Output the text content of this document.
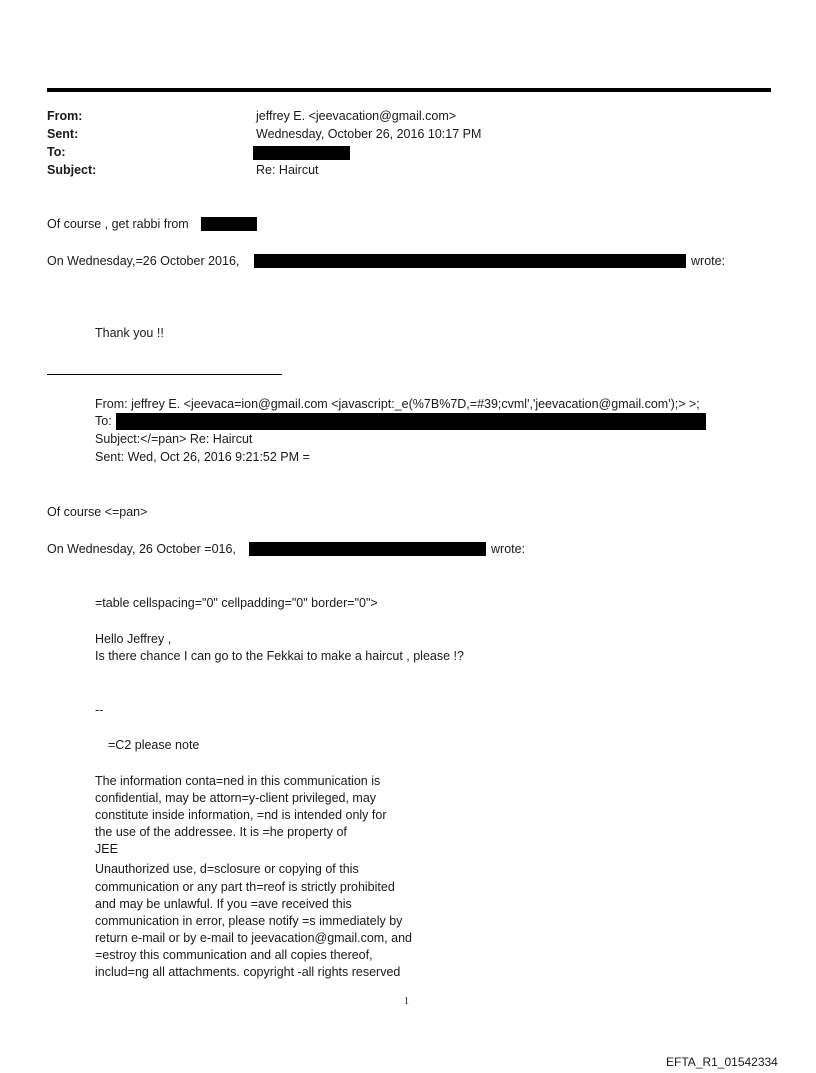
From:	jeffrey E. <jeevacation@gmail.com>
Sent:	Wednesday, October 26, 2016 10:17 PM
To:
Subject:	Re: Haircut
Of course , get rabbi from
On Wednesday,=26 October 2016,	wrote:
Thank you !!
From: jeffrey E. <jeevaca=ion@gmail.com <javascript:_e(%7B%7D,=#39;cvml','jeevacation@gmail.com');> >;
To:
Subject:</=pan> Re: Haircut
Sent: Wed, Oct 26, 2016 9:21:52 PM =
Of course <=pan>
On Wednesday, 26 October =016,	wrote:
=table cellspacing="0" cellpadding="0" border="0">
Hello Jeffrey ,
Is there chance I can go to the Fekkai to make a haircut , please !?
--
=C2 please note
The information conta=ned in this communication is
confidential, may be attorn=y-client privileged, may
constitute inside information, =nd is intended only for
the use of the addressee. It is =he property of
JEE
Unauthorized use, d=sclosure or copying of this
communication or any part th=reof is strictly prohibited
and may be unlawful. If you =ave received this
communication in error, please notify =s immediately by
return e-mail or by e-mail to jeevacation@gmail.com, and
=estroy this communication and all copies thereof,
includ=ng all attachments. copyright -all rights reserved
1
EFTA_R1_01542334
